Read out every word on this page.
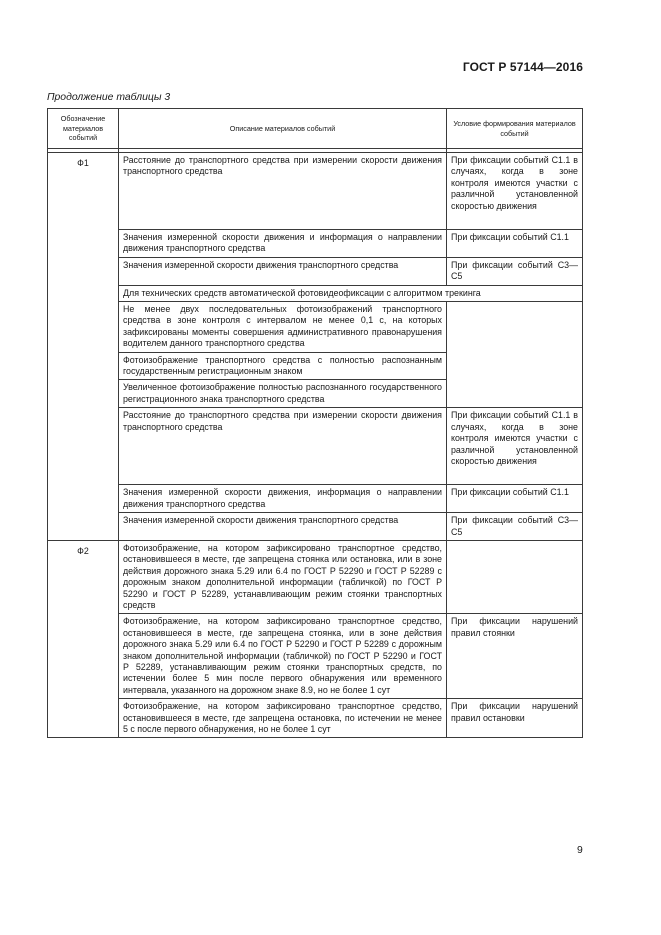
ГОСТ Р 57144—2016
Продолжение таблицы 3
Обозначение материалов событий	Описание материалов событий	Условие формирования материалов событий

Ф1	Расстояние до транспортного средства при измерении скорости движения транспортного средства	При фиксации событий С1.1 в случаях, когда в зоне контроля имеются участки с различной установленной скоростью движения
	Значения измеренной скорости движения и информация о направлении движения транспортного средства	При фиксации событий С1.1
	Значения измеренной скорости движения транспортного средства	При фиксации событий С3—С5
	Для технических средств автоматической фотовидеофиксации с алгоритмом трекинга	
	Не менее двух последовательных фотоизображений транспортного средства в зоне контроля с интервалом не менее 0,1 с, на которых зафиксированы моменты совершения административного правонарушения водителем данного транспортного средства	
	Фотоизображение транспортного средства с полностью распознанным государственным регистрационным знаком	
	Увеличенное фотоизображение полностью распознанного государственного регистрационного знака транспортного средства	
	Расстояние до транспортного средства при измерении скорости движения транспортного средства	При фиксации событий С1.1 в случаях, когда в зоне контроля имеются участки с различной установленной скоростью движения
	Значения измеренной скорости движения, информация о направлении движения транспортного средства	При фиксации событий С1.1
	Значения измеренной скорости движения транспортного средства	При фиксации событий С3—С5
Ф2	Фотоизображение, на котором зафиксировано транспортное средство, остановившееся в месте, где запрещена стоянка или остановка, или в зоне действия дорожного знака 5.29 или 6.4 по ГОСТ Р 52290 и ГОСТ Р 52289 с дорожным знаком дополнительной информации (табличкой) по ГОСТ Р 52290 и ГОСТ Р 52289, устанавливающим режим стоянки транспортных средств	
	Фотоизображение, на котором зафиксировано транспортное средство, остановившееся в месте, где запрещена стоянка, или в зоне действия дорожного знака 5.29 или 6.4 по ГОСТ Р 52290 и ГОСТ Р 52289 с дорожным знаком дополнительной информации (табличкой) по ГОСТ Р 52290 и ГОСТ Р 52289, устанавливающим режим стоянки транспортных средств, по истечении более 5 мин после первого обнаружения или временного интервала, указанного на дорожном знаке 8.9, но не более 1 сут	При фиксации нарушений правил стоянки
	Фотоизображение, на котором зафиксировано транспортное средство, остановившееся в месте, где запрещена остановка, по истечении не менее 5 с после первого обнаружения, но не более 1 сут	При фиксации нарушений правил остановки
9
